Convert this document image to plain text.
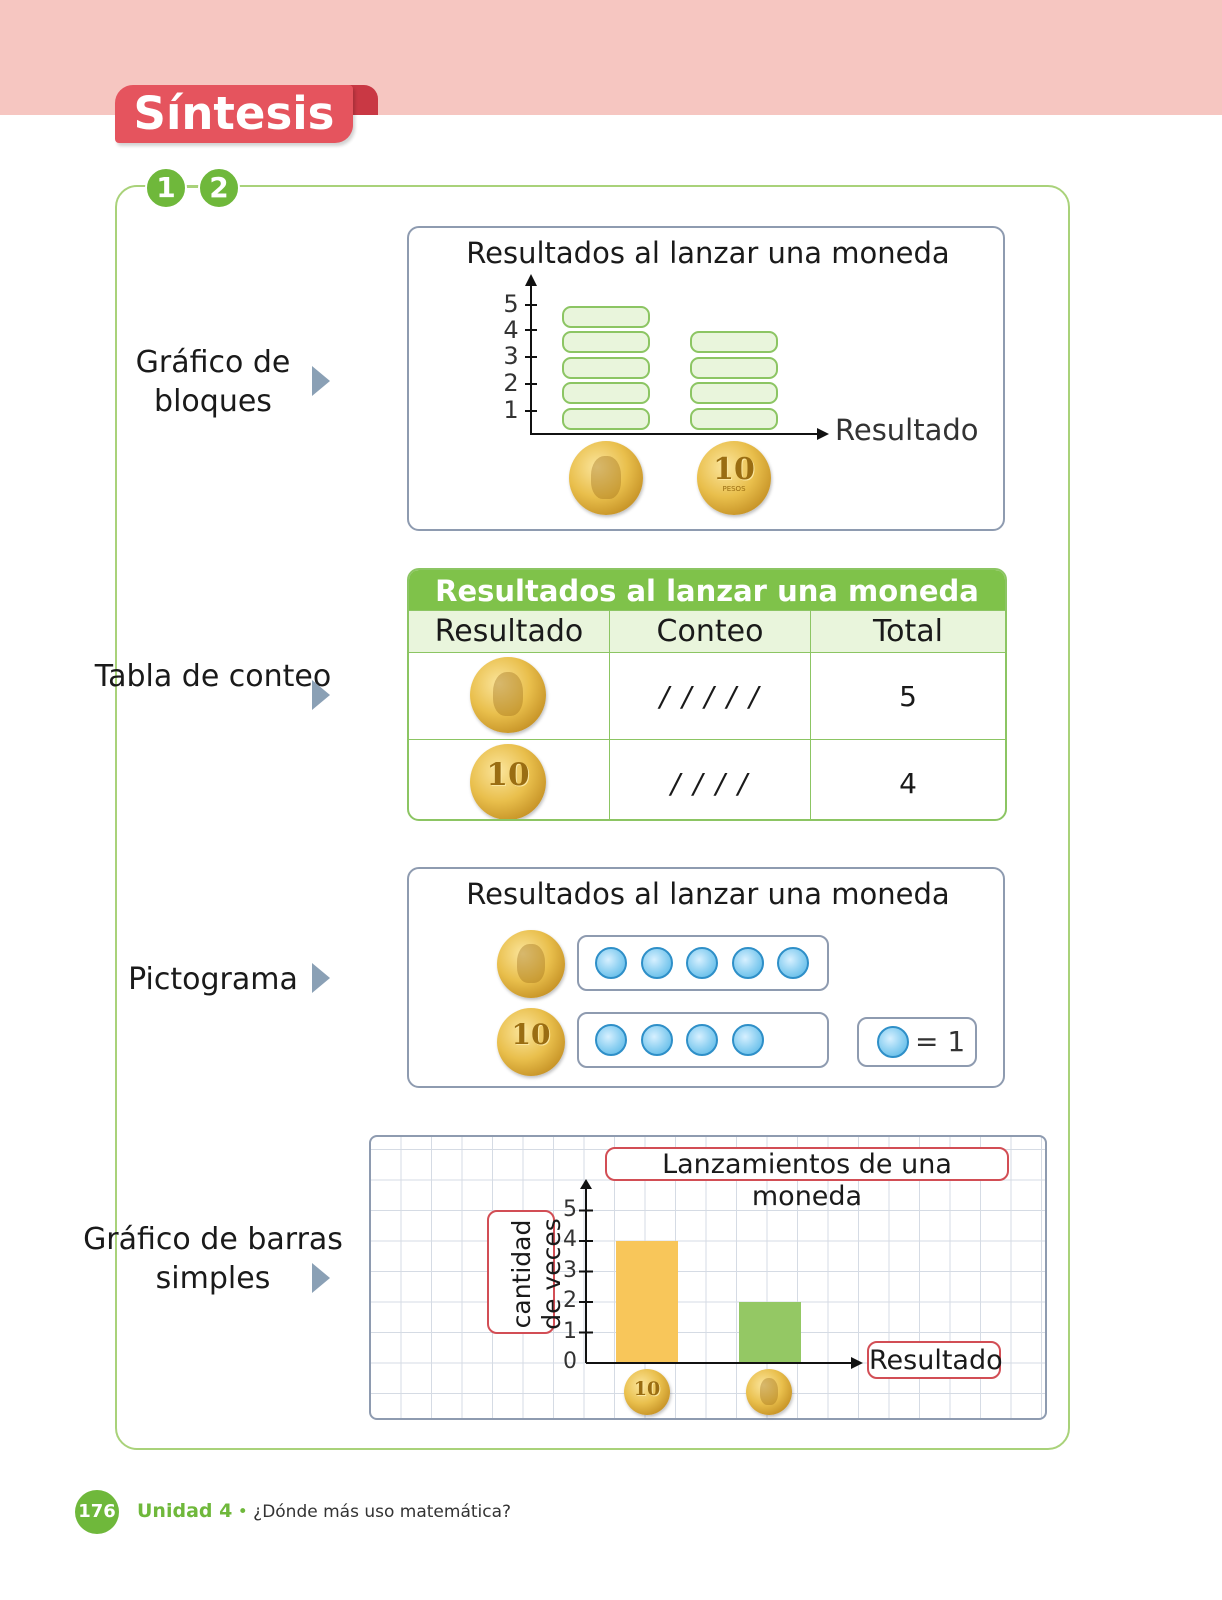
Síntesis
1	2
Gráfico de bloques
Tabla de conteo
Pictograma
Gráfico de barras simples
Resultados al lanzar una moneda
Resultado
1
2
3
4
5
10
PESOS
Resultados al lanzar una moneda
Resultado	Conteo	Total

	/ / / / /	5

10	/ / / /	4
Resultados al lanzar una moneda
10	= 1
Lanzamientos de una moneda
cantidad de veces
Resultado
0
1
2
3
4
5
10
176 Unidad 4 • ¿Dónde más uso matemática?
